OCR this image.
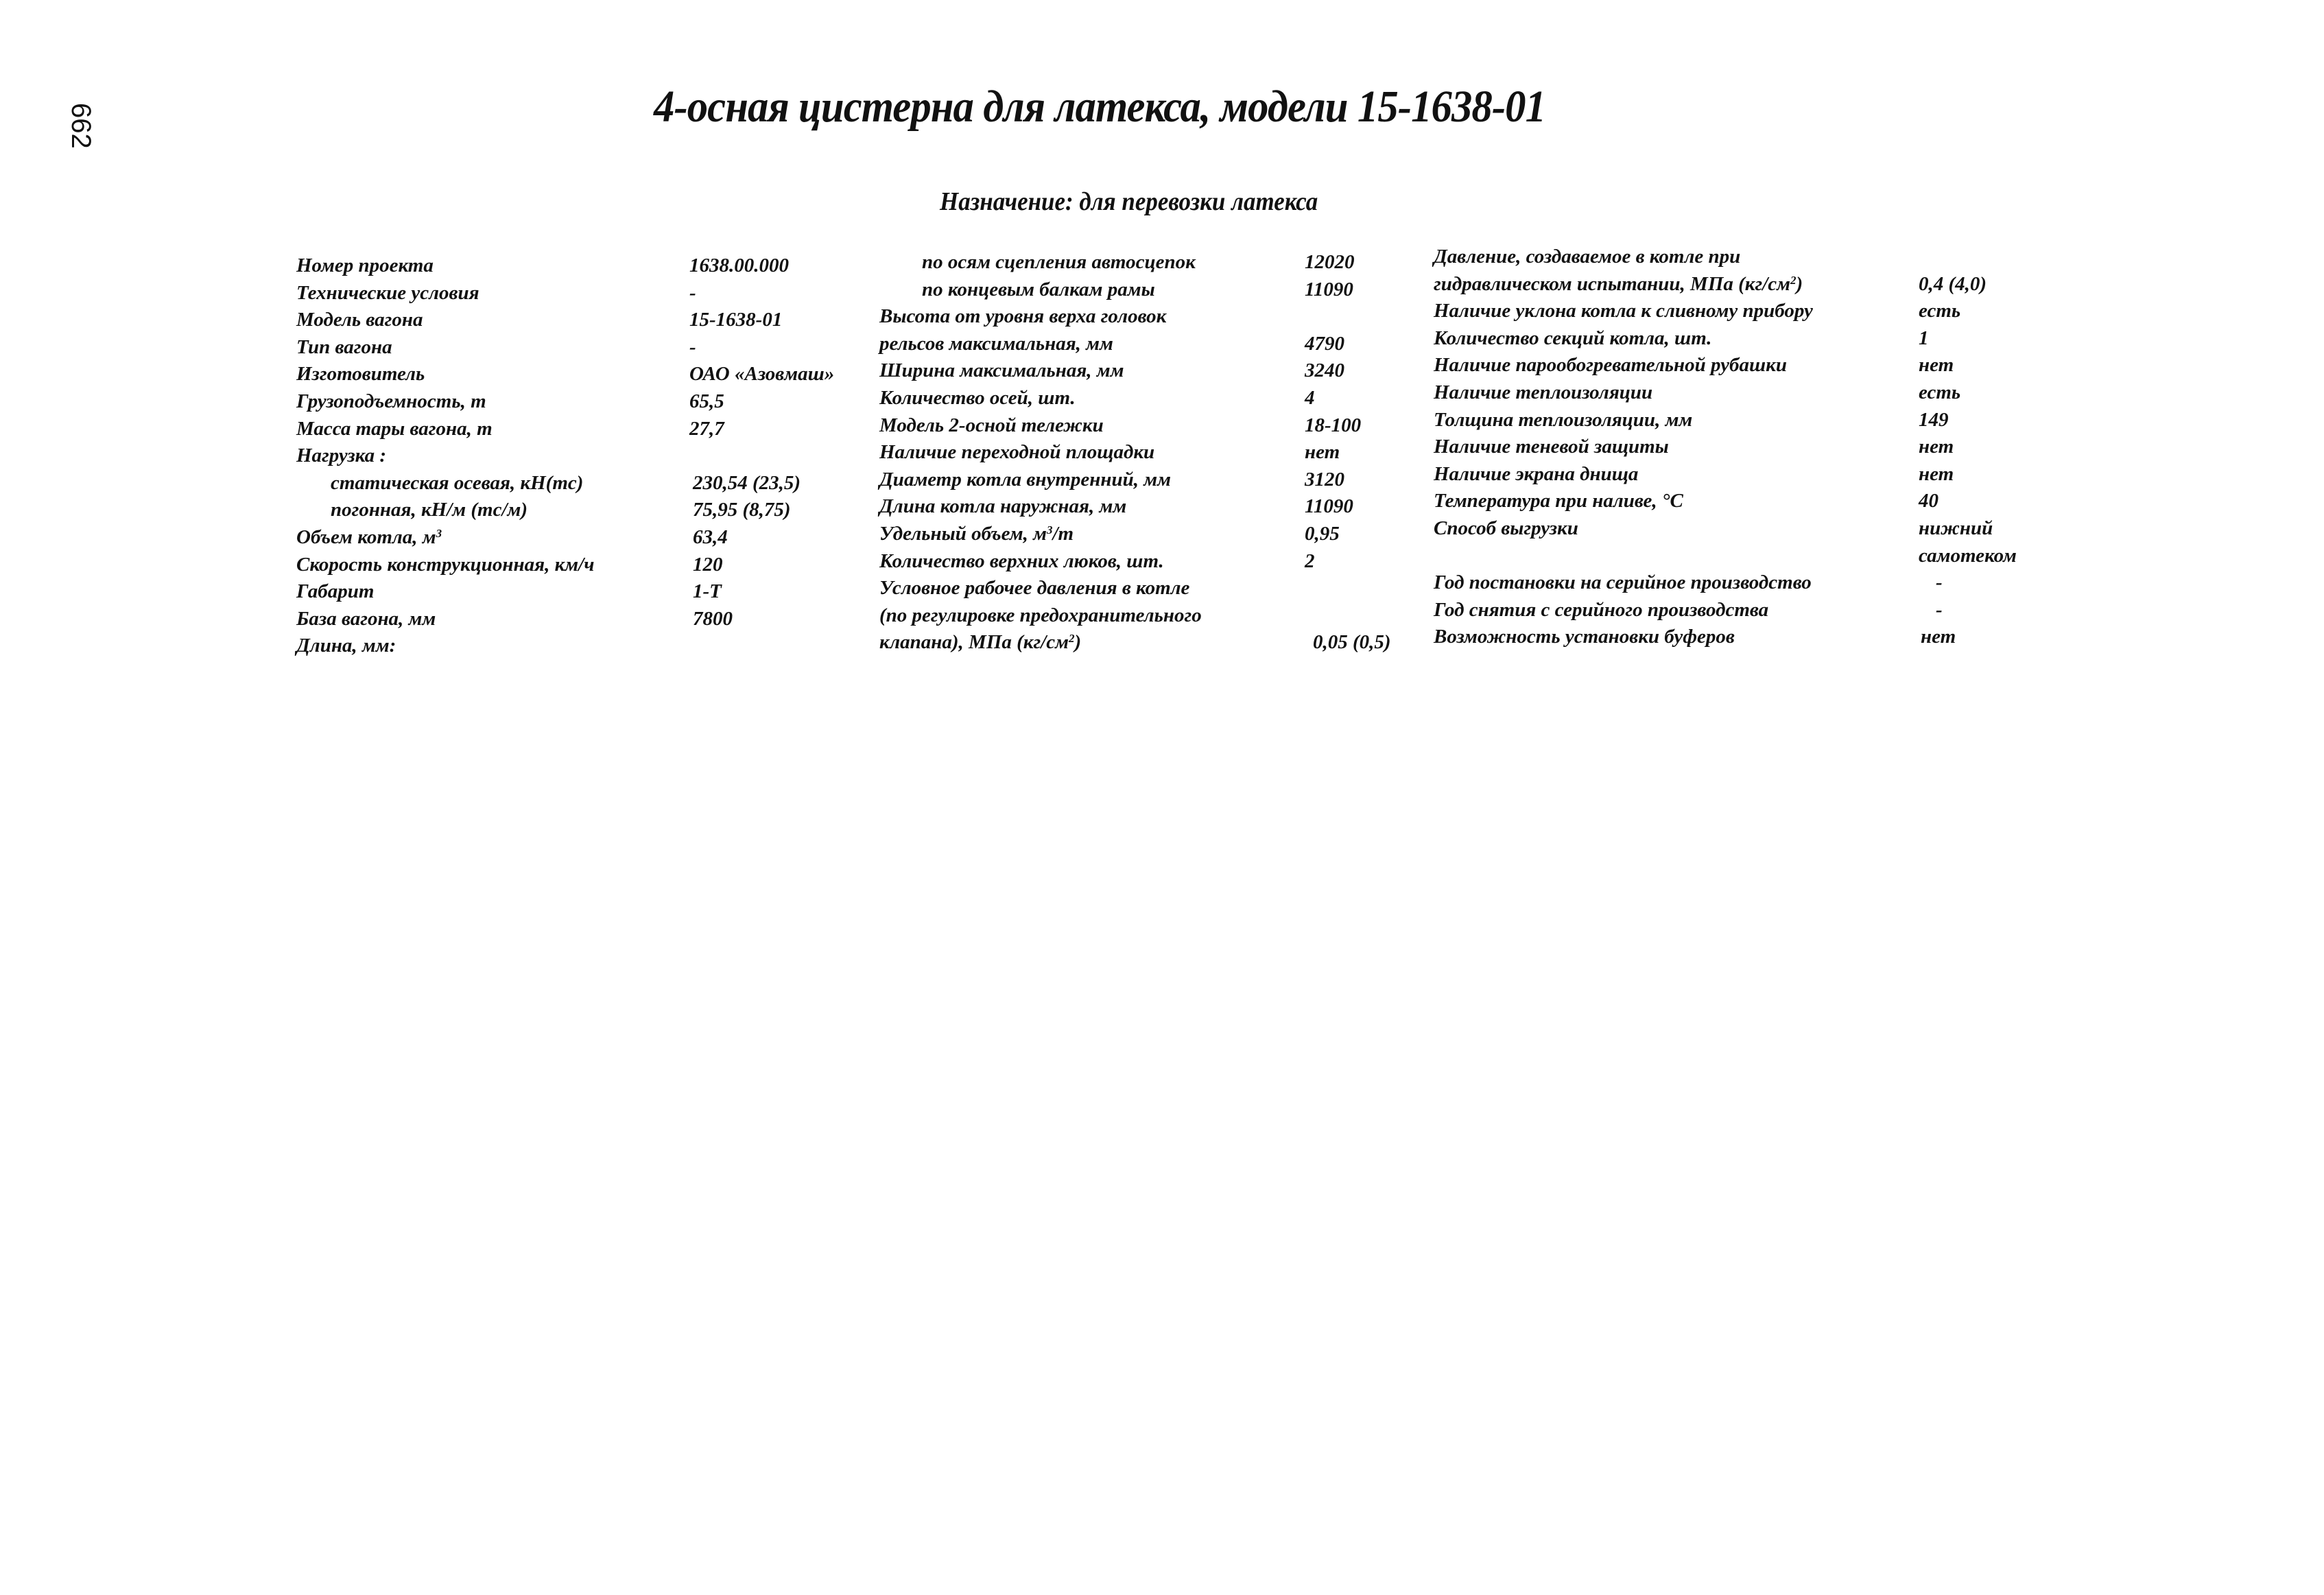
662	4-осная цистерна для латекса, модели 15-1638-01
Назначение: для перевозки латекса
Номер проекта	1638.00.000
Технические условия	-
Модель вагона	15-1638-01
Тип вагона	-
Изготовитель	ОАО «Азовмаш»
Грузоподъемность, т	65,5
Масса тары вагона, т	27,7
Нагрузка :
статическая осевая, кН(тс)	230,54 (23,5)
погонная, кН/м (тс/м)	75,95 (8,75)
Объем котла, $м^3$	63,4
Скорость конструкционная, км/ч	120
Габарит	1-Т
База вагона, мм	7800
Длина, мм:
по осям сцепления автосцепок	12020
по концевым балкам рамы	11090
Высота от уровня верха головок
рельсов максимальная, мм	4790
Ширина максимальная, мм	3240
Количество осей, шт.	4
Модель 2-осной тележки	18-100
Наличие переходной площадки	нет
Диаметр котла внутренний, мм	3120
Длина котла наружная, мм	11090
Удельный объем, $м^3/т$	0,95
Количество верхних люков, шт.	2
Условное рабочее давления в котле
(по регулировке предохранительного
клапана), МПа $(кг/см^2)$	0,05 (0,5)
Давление, создаваемое в котле при
гидравлическом испытании, МПа $(кг/см^2)$	0,4 (4,0)
Наличие уклона котла к сливному прибору	есть
Количество секций котла, шт.	1
Наличие парообогревательной рубашки	нет
Наличие теплоизоляции	есть
Толщина теплоизоляции, мм	149
Наличие теневой защиты	нет
Наличие экрана днища	нет
Температура при наливе, °С	40
Способ выгрузки	нижний
самотеком
Год постановки на серийное производство	-
Год снятия с серийного производства	-
Возможность установки буферов	нет
